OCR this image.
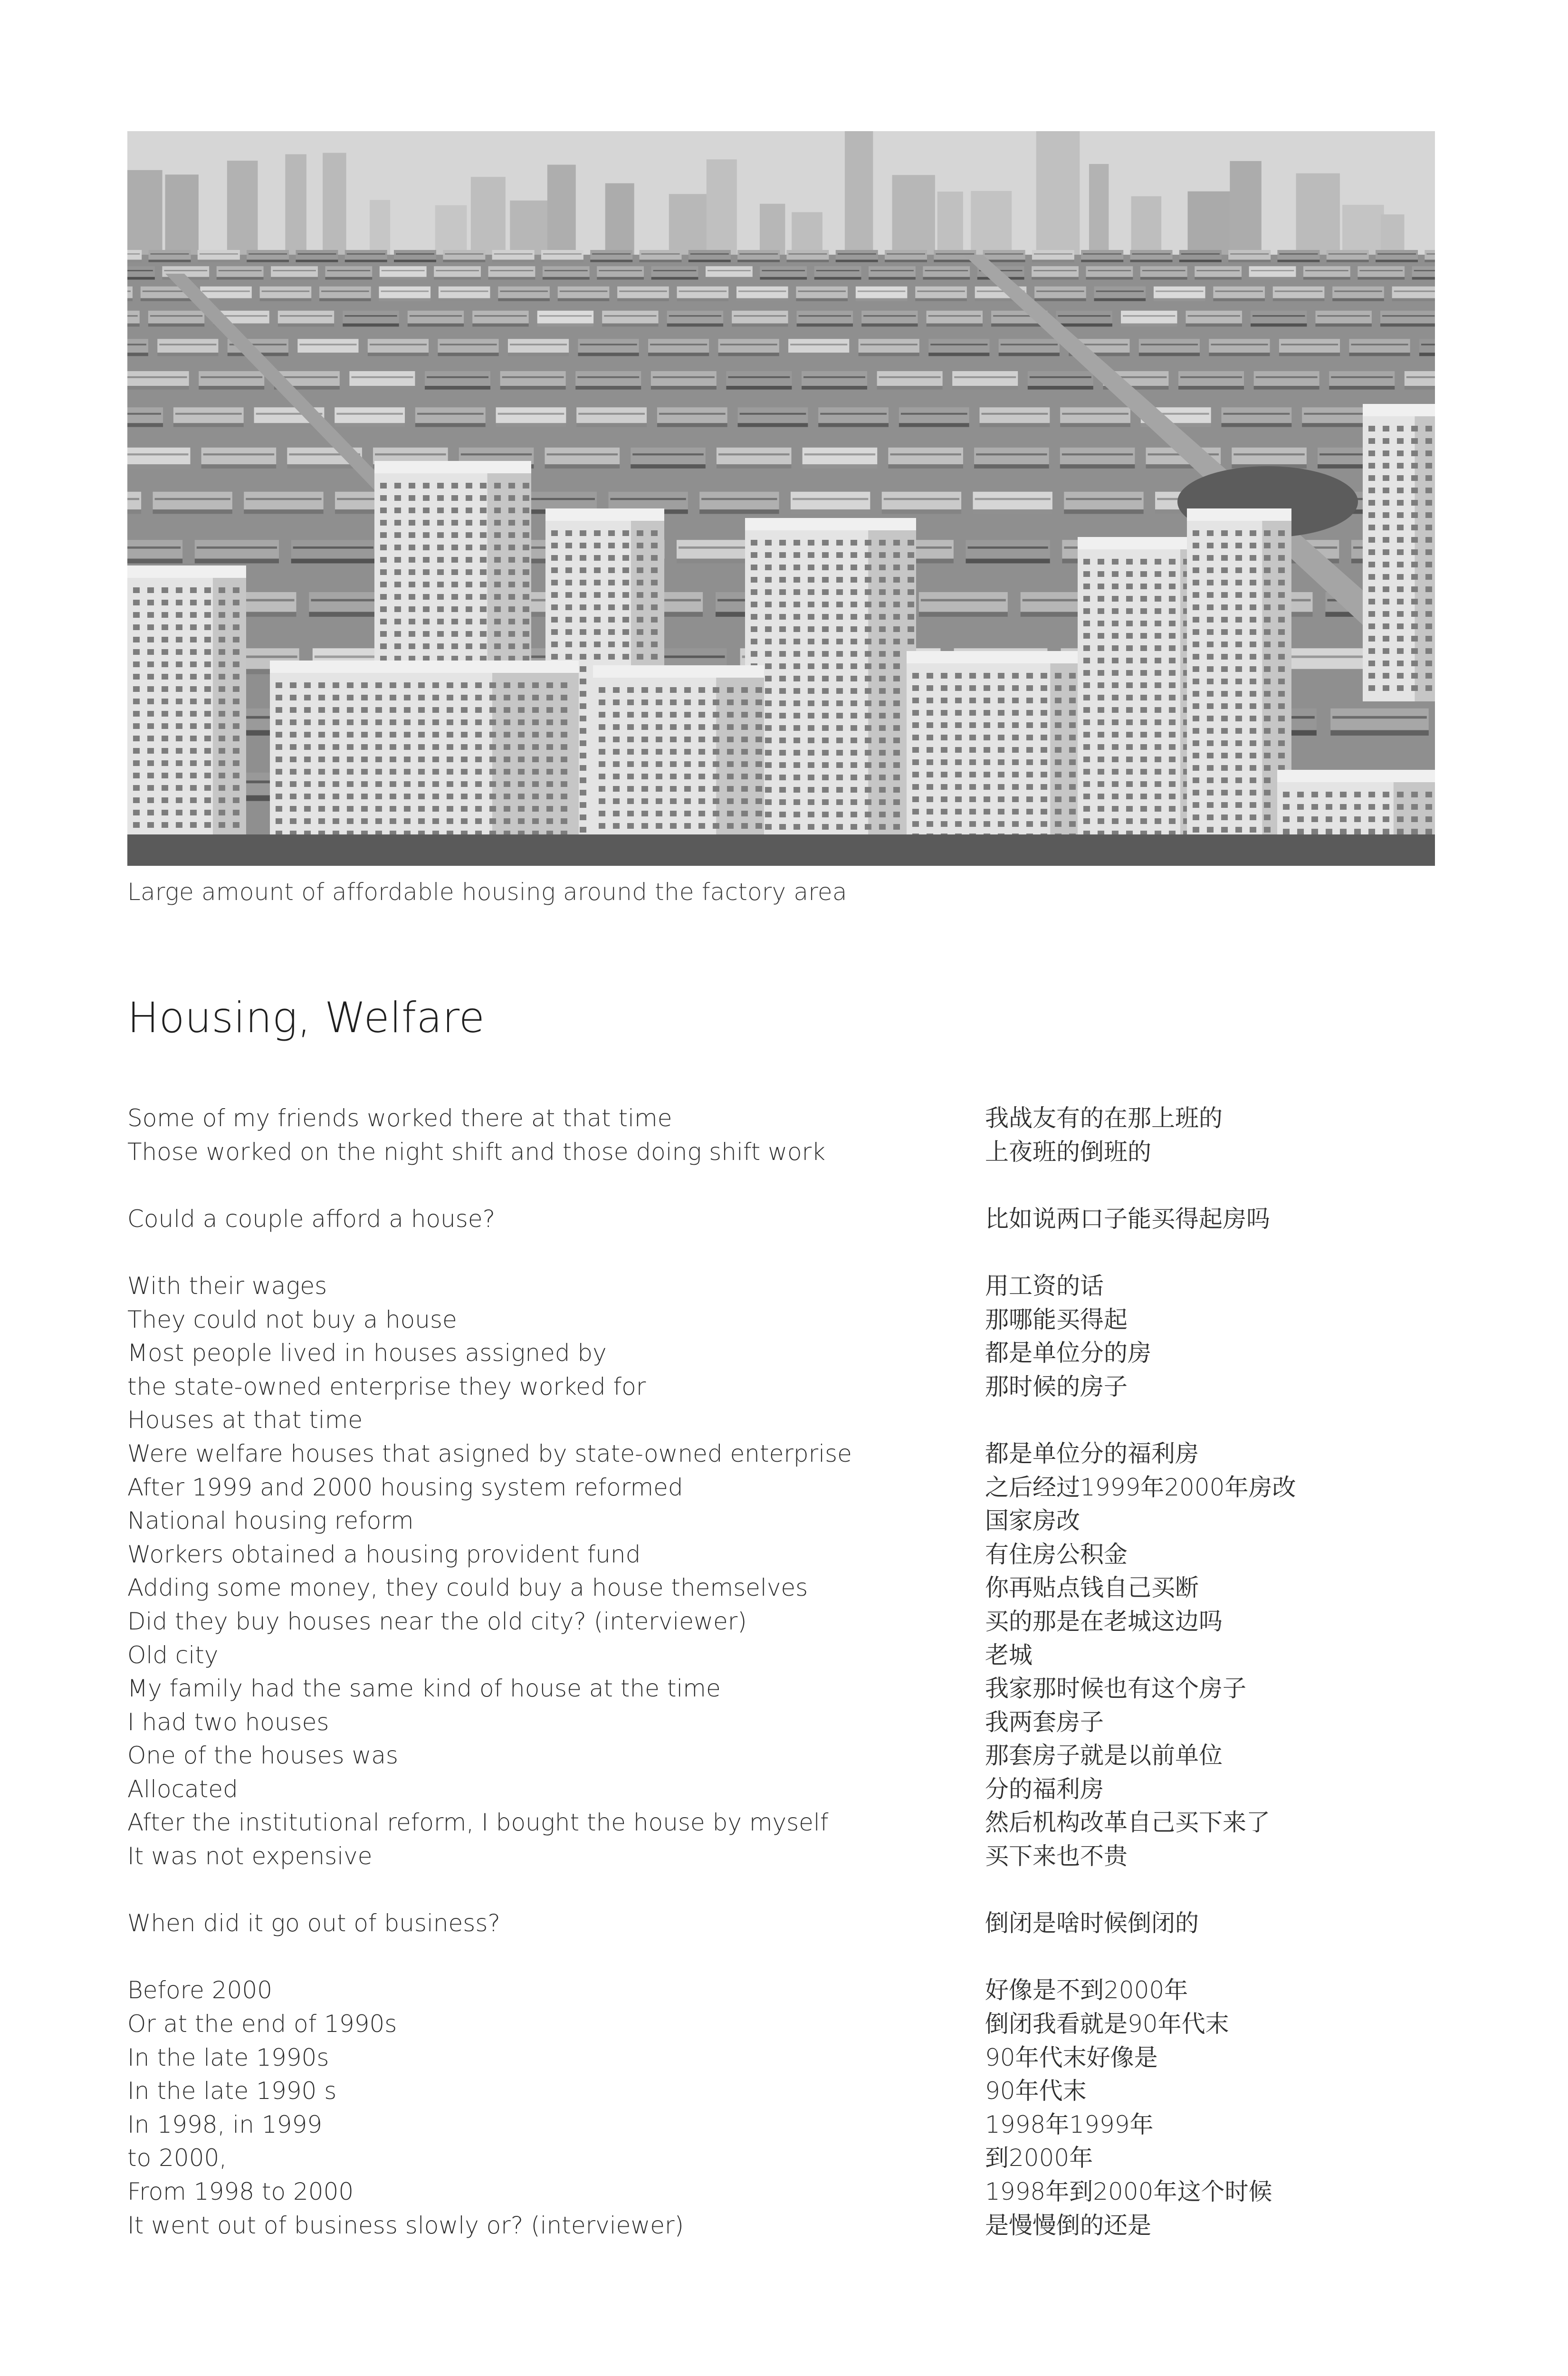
Large amount of affordable housing around the factory area
Housing, Welfare
Some of my friends worked there at that time
Those worked on the night shift and those doing shift work
Could a couple afford a house?
With their wages
They could not buy a house
Most people lived in houses assigned by
the state-owned enterprise they worked for
Houses at that time
Were welfare houses that asigned by state-owned enterprise
After 1999 and 2000 housing system reformed
National housing reform
Workers obtained a housing provident fund
Adding some money, they could buy a house themselves
Did they buy houses near the old city? (interviewer)
Old city
My family had the same kind of house at the time
I had two houses
One of the houses was
Allocated
After the institutional reform, I bought the house by myself
It was not expensive
When did it go out of business?
Before 2000
Or at the end of 1990s
In the late 1990s
In the late 1990 s
In 1998, in 1999
to 2000,
From 1998 to 2000
It went out of business slowly or? (interviewer)
我战友有的在那上班的
上夜班的倒班的
比如说两口子能买得起房吗
用工资的话
那哪能买得起
都是单位分的房
那时候的房子
都是单位分的福利房
之后经过1999年2000年房改
国家房改
有住房公积金
你再贴点钱自己买断
买的那是在老城这边吗
老城
我家那时候也有这个房子
我两套房子
那套房子就是以前单位
分的福利房
然后机构改革自己买下来了
买下来也不贵
倒闭是啥时候倒闭的
好像是不到2000年
倒闭我看就是90年代末
90年代末好像是
90年代末
1998年1999年
到2000年
1998年到2000年这个时候
是慢慢倒的还是
